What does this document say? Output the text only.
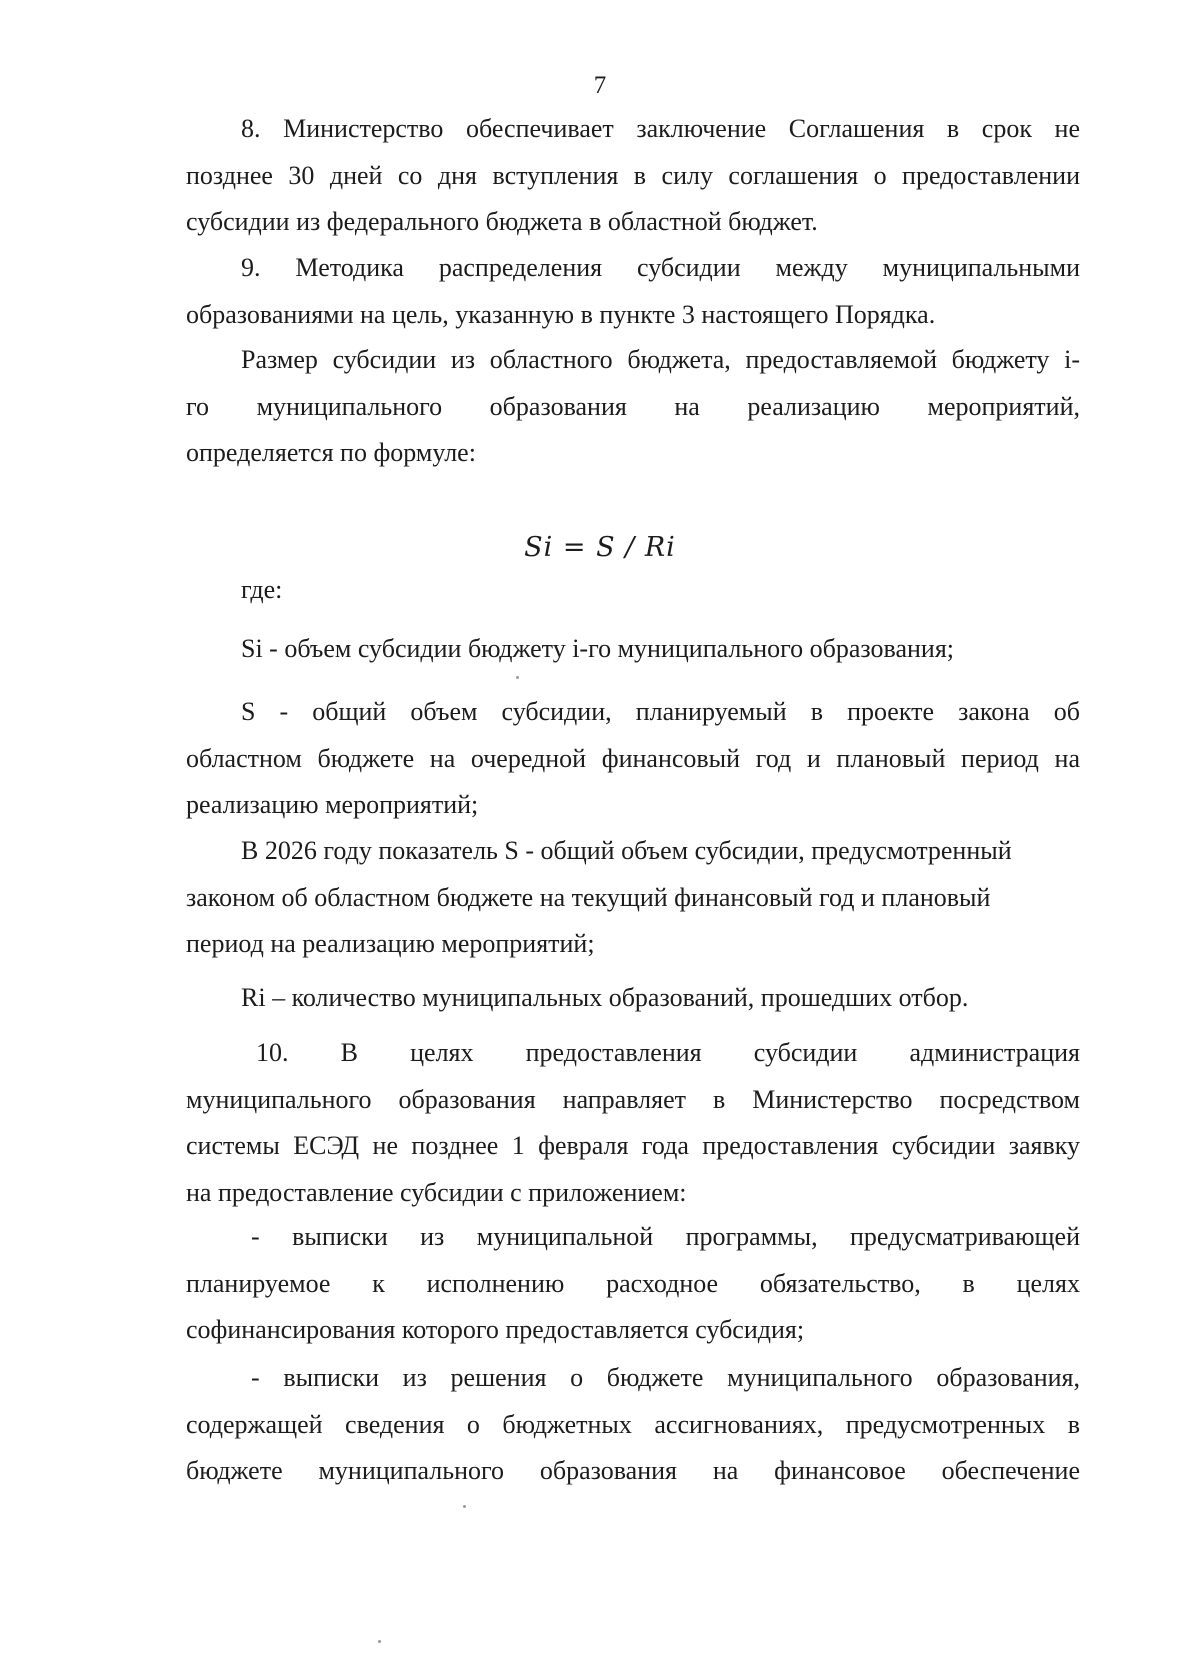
7
8. Министерство обеспечивает заключение Соглашения в срок не
позднее 30 дней со дня вступления в силу соглашения о предоставлении
субсидии из федерального бюджета в областной бюджет.
9. Методика распределения субсидии между муниципальными
образованиями на цель, указанную в пункте 3 настоящего Порядка.
Размер субсидии из областного бюджета, предоставляемой бюджету i-
го муниципального образования на реализацию мероприятий,
определяется по формуле:
Si = S / Ri
где:
Si - объем субсидии бюджету i-го муниципального образования;
S - общий объем субсидии, планируемый в проекте закона об
областном бюджете на очередной финансовый год и плановый период на
реализацию мероприятий;
В 2026 году показатель S - общий объем субсидии, предусмотренный
законом об областном бюджете на текущий финансовый год и плановый
период на реализацию мероприятий;
Ri – количество муниципальных образований, прошедших отбор.
10. В целях предоставления субсидии администрация
муниципального образования направляет в Министерство посредством
системы ЕСЭД не позднее 1 февраля года предоставления субсидии заявку
на предоставление субсидии с приложением:
- выписки из муниципальной программы, предусматривающей
планируемое к исполнению расходное обязательство, в целях
софинансирования которого предоставляется субсидия;
- выписки из решения о бюджете муниципального образования,
содержащей сведения о бюджетных ассигнованиях, предусмотренных в
бюджете муниципального образования на финансовое обеспечение
